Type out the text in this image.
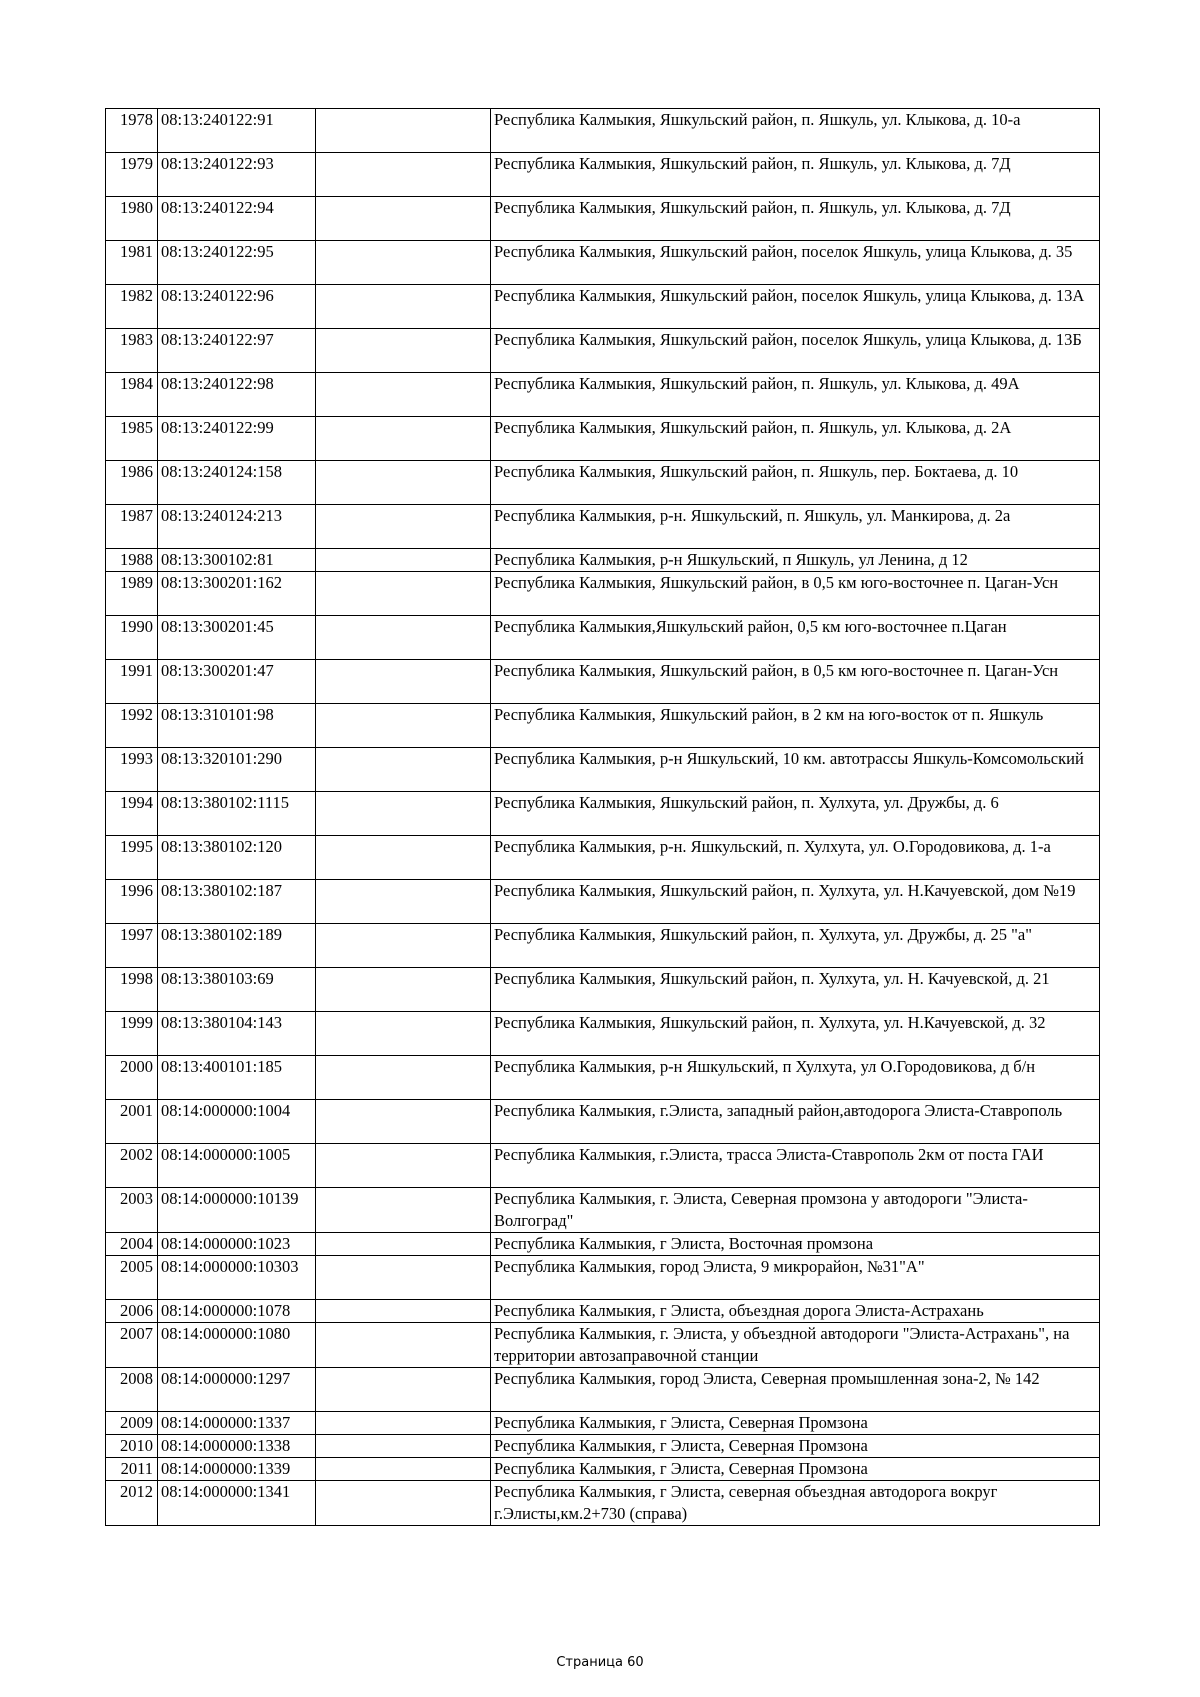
1978	08:13:240122:91		Республика Калмыкия, Яшкульский район, п. Яшкуль, ул. Клыкова, д. 10-а
1979	08:13:240122:93		Республика Калмыкия, Яшкульский район, п. Яшкуль, ул. Клыкова, д. 7Д
1980	08:13:240122:94		Республика Калмыкия, Яшкульский район, п. Яшкуль, ул. Клыкова, д. 7Д
1981	08:13:240122:95		Республика Калмыкия, Яшкульский район, поселок Яшкуль, улица Клыкова, д. 35
1982	08:13:240122:96		Республика Калмыкия, Яшкульский район, поселок Яшкуль, улица Клыкова, д. 13А
1983	08:13:240122:97		Республика Калмыкия, Яшкульский район, поселок Яшкуль, улица Клыкова, д. 13Б
1984	08:13:240122:98		Республика Калмыкия, Яшкульский район, п. Яшкуль, ул. Клыкова, д. 49А
1985	08:13:240122:99		Республика Калмыкия, Яшкульский район, п. Яшкуль, ул. Клыкова, д. 2А
1986	08:13:240124:158		Республика Калмыкия, Яшкульский район, п. Яшкуль, пер. Боктаева, д. 10
1987	08:13:240124:213		Республика Калмыкия, р-н. Яшкульский, п. Яшкуль, ул. Манкирова, д. 2а
1988	08:13:300102:81		Республика Калмыкия, р-н Яшкульский, п Яшкуль, ул Ленина, д 12
1989	08:13:300201:162		Республика Калмыкия, Яшкульский район, в 0,5 км юго-восточнее п. Цаган-Усн
1990	08:13:300201:45		Республика Калмыкия,Яшкульский район, 0,5 км юго-восточнее п.Цаган
1991	08:13:300201:47		Республика Калмыкия, Яшкульский район, в 0,5 км юго-восточнее п. Цаган-Усн
1992	08:13:310101:98		Республика Калмыкия, Яшкульский район, в 2 км на юго-восток от п. Яшкуль
1993	08:13:320101:290		Республика Калмыкия, р-н Яшкульский, 10 км. автотрассы Яшкуль-Комсомольский
1994	08:13:380102:1115		Республика Калмыкия, Яшкульский район, п. Хулхута, ул. Дружбы, д. 6
1995	08:13:380102:120		Республика Калмыкия, р-н. Яшкульский, п. Хулхута, ул. О.Городовикова, д. 1-а
1996	08:13:380102:187		Республика Калмыкия, Яшкульский район, п. Хулхута, ул. Н.Качуевской, дом №19
1997	08:13:380102:189		Республика Калмыкия, Яшкульский район, п. Хулхута, ул. Дружбы, д. 25 "а"
1998	08:13:380103:69		Республика Калмыкия, Яшкульский район, п. Хулхута, ул. Н. Качуевской, д. 21
1999	08:13:380104:143		Республика Калмыкия, Яшкульский район, п. Хулхута, ул. Н.Качуевской, д. 32
2000	08:13:400101:185		Республика Калмыкия, р-н Яшкульский, п Хулхута, ул О.Городовикова, д б/н
2001	08:14:000000:1004		Республика Калмыкия, г.Элиста, западный район,автодорога Элиста-Ставрополь
2002	08:14:000000:1005		Республика Калмыкия, г.Элиста, трасса Элиста-Ставрополь 2км от поста ГАИ
2003	08:14:000000:10139		Республика Калмыкия, г. Элиста, Северная промзона у автодороги "Элиста-Волгоград"
2004	08:14:000000:1023		Республика Калмыкия, г Элиста, Восточная промзона
2005	08:14:000000:10303		Республика Калмыкия, город Элиста, 9 микрорайон, №31"А"
2006	08:14:000000:1078		Республика Калмыкия, г Элиста, объездная дорога Элиста-Астрахань
2007	08:14:000000:1080		Республика Калмыкия, г. Элиста, у объездной автодороги "Элиста-Астрахань", на территории автозаправочной станции
2008	08:14:000000:1297		Республика Калмыкия, город Элиста, Северная промышленная зона-2, № 142
2009	08:14:000000:1337		Республика Калмыкия, г Элиста, Северная Промзона
2010	08:14:000000:1338		Республика Калмыкия, г Элиста, Северная Промзона
2011	08:14:000000:1339		Республика Калмыкия, г Элиста, Северная Промзона
2012	08:14:000000:1341		Республика Калмыкия, г Элиста, северная объездная автодорога вокруг г.Элисты,км.2+730 (справа)
Страница 60
